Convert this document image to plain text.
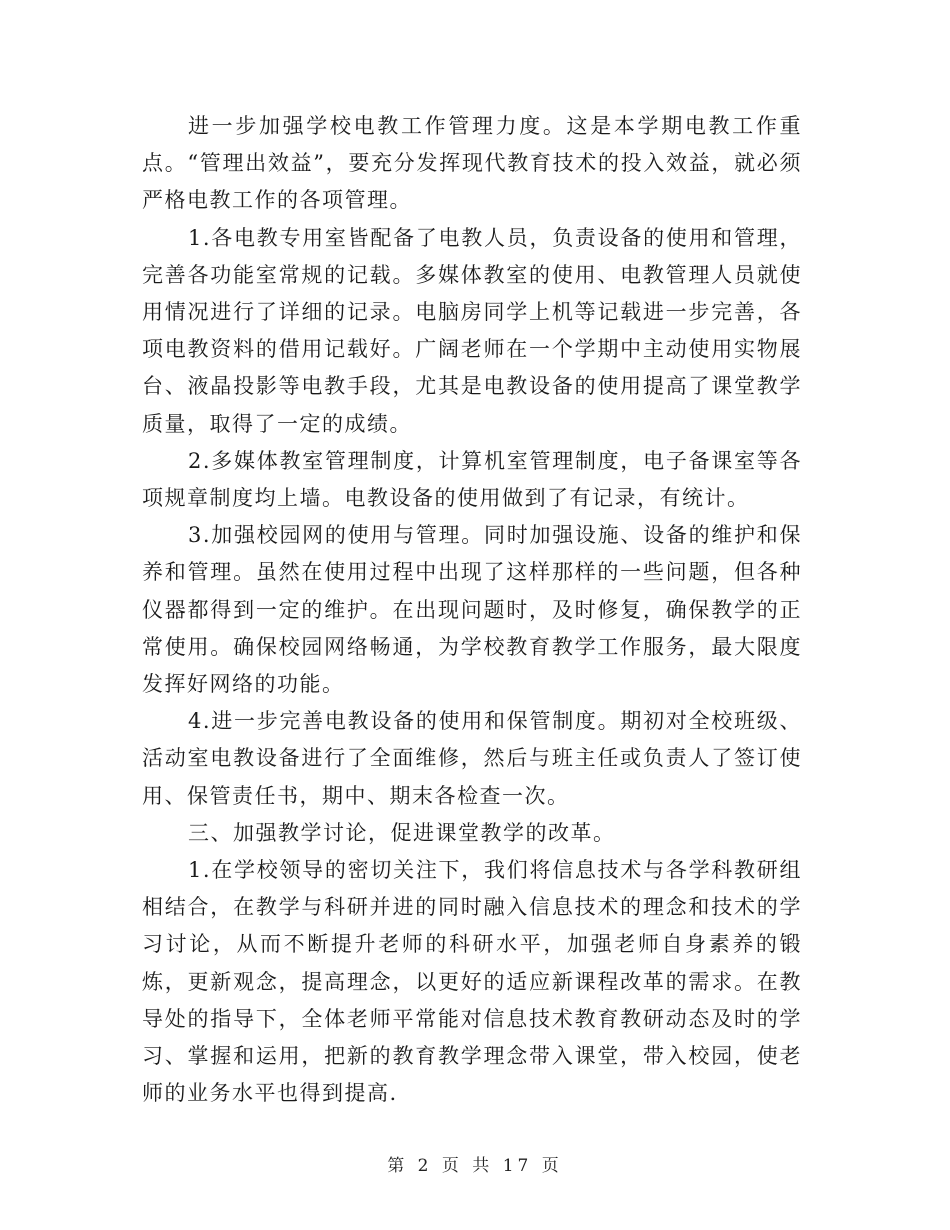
进一步加强学校电教工作管理力度。这是本学期电教工作重点。“管理出效益”，要充分发挥现代教育技术的投入效益，就必须严格电教工作的各项管理。

1.各电教专用室皆配备了电教人员，负责设备的使用和管理，完善各功能室常规的记载。多媒体教室的使用、电教管理人员就使用情况进行了详细的记录。电脑房同学上机等记载进一步完善，各项电教资料的借用记载好。广阔老师在一个学期中主动使用实物展台、液晶投影等电教手段，尤其是电教设备的使用提高了课堂教学质量，取得了一定的成绩。

2.多媒体教室管理制度，计算机室管理制度，电子备课室等各项规章制度均上墙。电教设备的使用做到了有记录，有统计。

3.加强校园网的使用与管理。同时加强设施、设备的维护和保养和管理。虽然在使用过程中出现了这样那样的一些问题，但各种仪器都得到一定的维护。在出现问题时，及时修复，确保教学的正常使用。确保校园网络畅通，为学校教育教学工作服务，最大限度发挥好网络的功能。

4.进一步完善电教设备的使用和保管制度。期初对全校班级、活动室电教设备进行了全面维修，然后与班主任或负责人了签订使用、保管责任书，期中、期末各检查一次。

三、加强教学讨论，促进课堂教学的改革。

1.在学校领导的密切关注下，我们将信息技术与各学科教研组相结合，在教学与科研并进的同时融入信息技术的理念和技术的学习讨论，从而不断提升老师的科研水平，加强老师自身素养的锻炼，更新观念，提高理念，以更好的适应新课程改革的需求。在教导处的指导下，全体老师平常能对信息技术教育教研动态及时的学习、掌握和运用，把新的教育教学理念带入课堂，带入校园，使老师的业务水平也得到提高.

第 2 页 共 17 页
